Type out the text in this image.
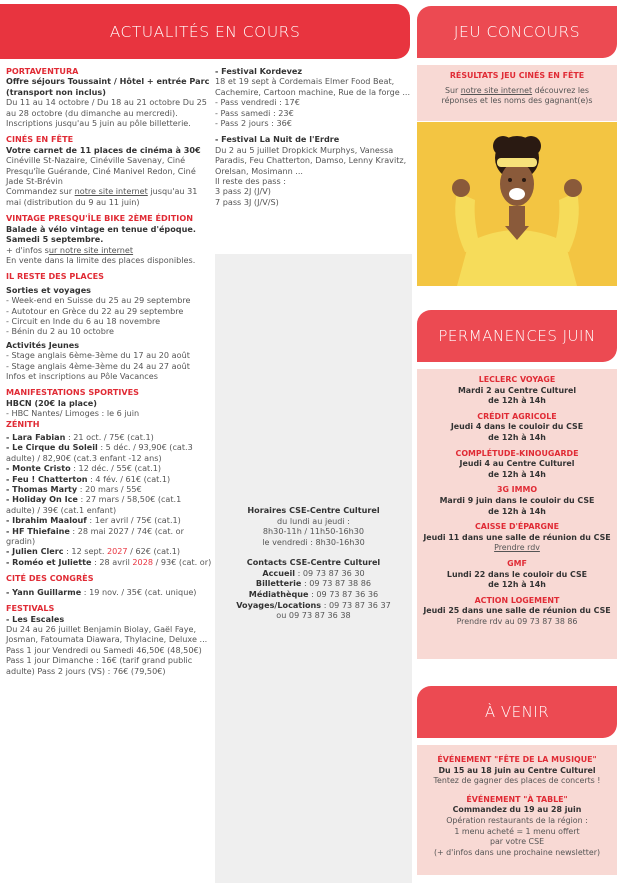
ACTUALITÉS EN COURS	JEU CONCOURS
PERMANENCES JUIN
À VENIR
PORTAVENTURA
Offre séjours Toussaint / Hôtel + entrée Parc (transport non inclus)
Du 11 au 14 octobre / Du 18 au 21 octobre Du 25 au 28 octobre (du dimanche au mercredi). Inscriptions jusqu'au 5 juin au pôle billetterie.
CINÉS EN FÊTE
Votre carnet de 11 places de cinéma à 30€
Cinéville St-Nazaire, Cinéville Savenay, Ciné Presqu'île Guérande, Ciné Manivel Redon, Ciné Jade St-Brévin
Commandez sur notre site internet jusqu'au 31 mai (distribution du 9 au 11 juin)
VINTAGE PRESQU'ÎLE BIKE 2ÈME ÉDITION
Balade à vélo vintage en tenue d'époque. Samedi 5 septembre.
+ d'infos sur notre site internet
En vente dans la limite des places disponibles.
IL RESTE DES PLACES
Sorties et voyages
- Week-end en Suisse du 25 au 29 septembre
- Autotour en Grèce du 22 au 29 septembre
- Circuit en Inde du 6 au 18 novembre
- Bénin du 2 au 10 octobre
Activités Jeunes
- Stage anglais 6ème-3ème du 17 au 20 août
- Stage anglais 4ème-3ème du 24 au 27 août
Infos et inscriptions au Pôle Vacances
MANIFESTATIONS SPORTIVES
HBCN (20€ la place)
- HBC Nantes/ Limoges : le 6 juin
ZÉNITH
- Lara Fabian : 21 oct. / 75€ (cat.1)
- Le Cirque du Soleil : 5 déc. / 93,90€ (cat.3 adulte) / 82,90€ (cat.3 enfant -12 ans)
- Monte Cristo : 12 déc. / 55€ (cat.1)
- Feu ! Chatterton : 4 fév. / 61€ (cat.1)
- Thomas Marty : 20 mars / 55€
- Holiday On Ice : 27 mars / 58,50€ (cat.1 adulte) / 39€ (cat.1 enfant)
- Ibrahim Maalouf : 1er avril / 75€ (cat.1)
- HF Thiefaine : 28 mai 2027 / 74€ (cat. or gradin)
- Julien Clerc : 12 sept. 2027 / 62€ (cat.1)
- Roméo et Juliette : 28 avril 2028 / 93€ (cat. or)
CITÉ DES CONGRÈS
- Yann Guillarme : 19 nov. / 35€ (cat. unique)
FESTIVALS
- Les Escales
Du 24 au 26 juillet Benjamin Biolay, Gaël Faye, Josman, Fatoumata Diawara, Thylacine, Deluxe ... Pass 1 jour Vendredi ou Samedi 46,50€ (48,50€) Pass 1 jour Dimanche : 16€ (tarif grand public adulte) Pass 2 jours (VS) : 76€ (79,50€)
- Festival Kordevez
18 et 19 sept à Cordemais Elmer Food Beat, Cachemire, Cartoon machine, Rue de la forge ...
- Pass vendredi : 17€
- Pass samedi : 23€
- Pass 2 jours : 36€
- Festival La Nuit de l'Erdre
Du 2 au 5 juillet Dropkick Murphys, Vanessa Paradis, Feu Chatterton, Damso, Lenny Kravitz, Orelsan, Mosimann ...
Il reste des pass :
3 pass 2J (J/V)
7 pass 3J (J/V/S)
Horaires CSE-Centre Culturel
du lundi au jeudi :
8h30-11h / 11h50-16h30
le vendredi : 8h30-16h30
Contacts CSE-Centre Culturel
Accueil : 09 73 87 36 30
Billetterie : 09 73 87 38 86
Médiathèque : 09 73 87 36 36
Voyages/Locations : 09 73 87 36 37
ou 09 73 87 36 38
RÉSULTATS JEU CINÉS EN FÊTE
Sur notre site internet découvrez les réponses et les noms des gagnant(e)s
LECLERC VOYAGE
Mardi 2 au Centre Culturel
de 12h à 14h
CRÉDIT AGRICOLE
Jeudi 4 dans le couloir du CSE
de 12h à 14h
COMPLÉTUDE-KINOUGARDE
Jeudi 4 au Centre Culturel
de 12h à 14h
3G IMMO
Mardi 9 juin dans le couloir du CSE
de 12h à 14h
CAISSE D'ÉPARGNE
Jeudi 11 dans une salle de réunion du CSE
Prendre rdv
GMF
Lundi 22 dans le couloir du CSE
de 12h à 14h
ACTION LOGEMENT
Jeudi 25 dans une salle de réunion du CSE
Prendre rdv au 09 73 87 38 86
ÉVÉNEMENT "FÊTE DE LA MUSIQUE"
Du 15 au 18 juin au Centre Culturel
Tentez de gagner des places de concerts !
ÉVÉNEMENT "À TABLE"
Commandez du 19 au 28 juin
Opération restaurants de la région :
1 menu acheté = 1 menu offert
par votre CSE
(+ d'infos dans une prochaine newsletter)
